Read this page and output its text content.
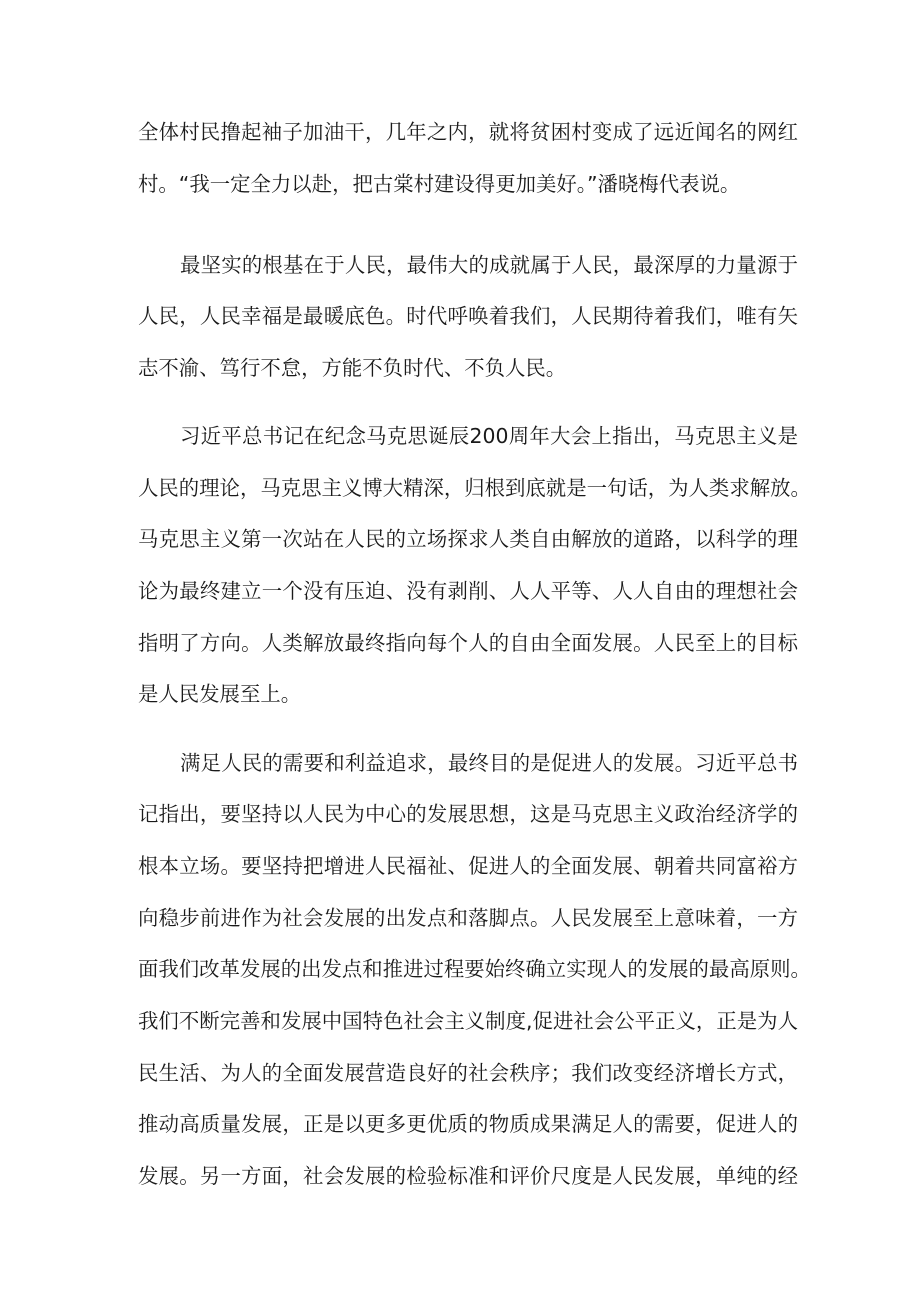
全体村民撸起袖子加油干，几年之内，就将贫困村变成了远近闻名的网红
村。“我一定全力以赴，把古棠村建设得更加美好。”潘晓梅代表说。
最坚实的根基在于人民，最伟大的成就属于人民，最深厚的力量源于
人民，人民幸福是最暖底色。时代呼唤着我们，人民期待着我们，唯有矢
志不渝、笃行不怠，方能不负时代、不负人民。
习近平总书记在纪念马克思诞辰200周年大会上指出，马克思主义是
人民的理论，马克思主义博大精深，归根到底就是一句话，为人类求解放。
马克思主义第一次站在人民的立场探求人类自由解放的道路，以科学的理
论为最终建立一个没有压迫、没有剥削、人人平等、人人自由的理想社会
指明了方向。人类解放最终指向每个人的自由全面发展。人民至上的目标
是人民发展至上。
满足人民的需要和利益追求，最终目的是促进人的发展。习近平总书
记指出，要坚持以人民为中心的发展思想，这是马克思主义政治经济学的
根本立场。要坚持把增进人民福祉、促进人的全面发展、朝着共同富裕方
向稳步前进作为社会发展的出发点和落脚点。人民发展至上意味着，一方
面我们改革发展的出发点和推进过程要始终确立实现人的发展的最高原则。
我们不断完善和发展中国特色社会主义制度,促进社会公平正义，正是为人
民生活、为人的全面发展营造良好的社会秩序；我们改变经济增长方式，
推动高质量发展，正是以更多更优质的物质成果满足人的需要，促进人的
发展。另一方面，社会发展的检验标准和评价尺度是人民发展，单纯的经
